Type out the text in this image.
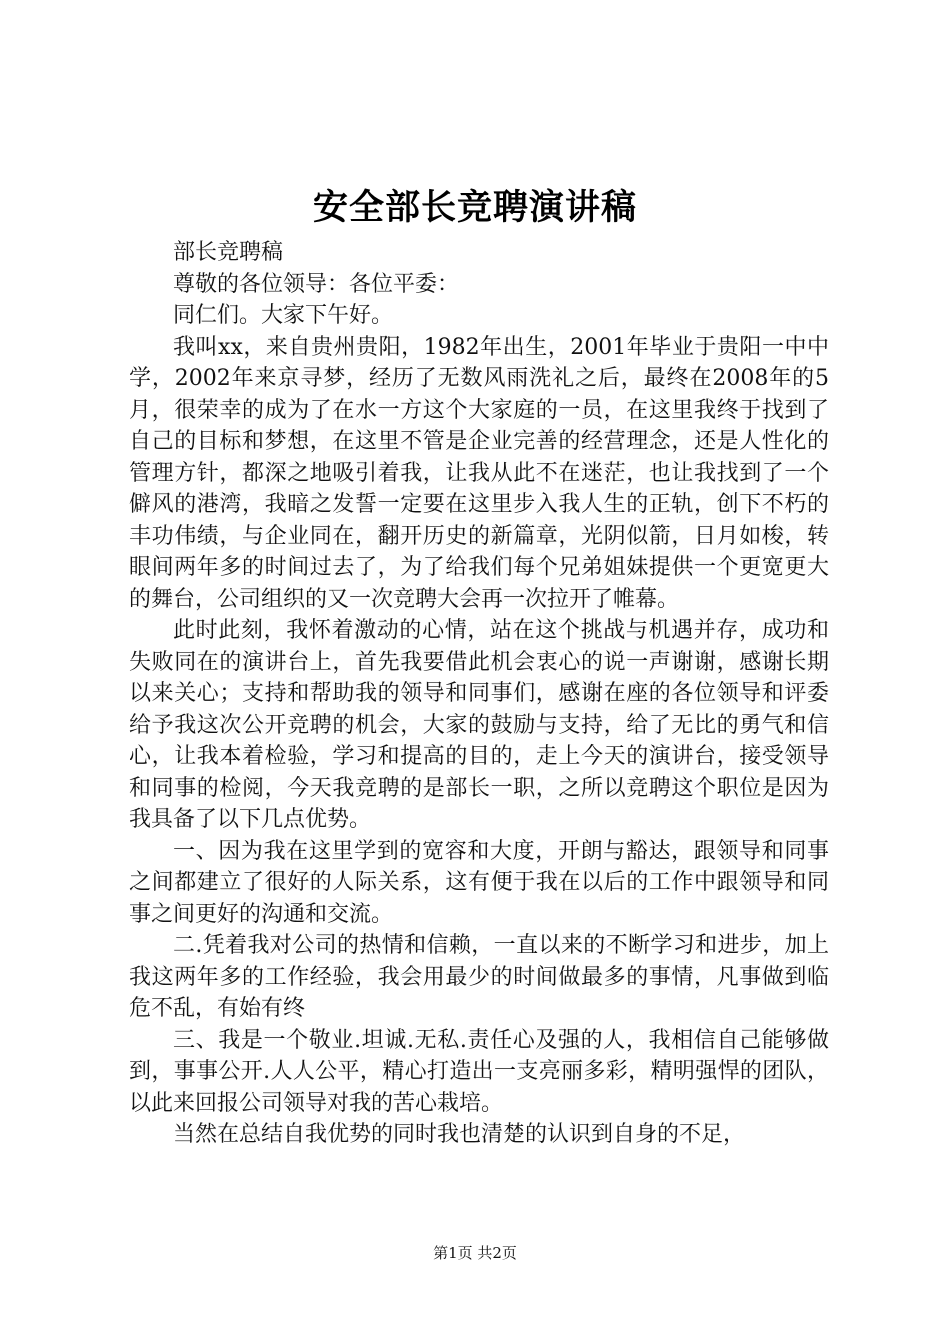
安全部长竞聘演讲稿

部长竞聘稿

尊敬的各位领导：各位平委：

同仁们。大家下午好。

我叫xx，来自贵州贵阳，1982年出生，2001年毕业于贵阳一中中学，2002年来京寻梦，经历了无数风雨洗礼之后，最终在2008年的5月，很荣幸的成为了在水一方这个大家庭的一员，在这里我终于找到了自己的目标和梦想，在这里不管是企业完善的经营理念，还是人性化的管理方针，都深之地吸引着我，让我从此不在迷茫，也让我找到了一个僻风的港湾，我暗之发誓一定要在这里步入我人生的正轨，创下不朽的丰功伟绩，与企业同在，翻开历史的新篇章，光阴似箭，日月如梭，转眼间两年多的时间过去了，为了给我们每个兄弟姐妹提供一个更宽更大的舞台，公司组织的又一次竞聘大会再一次拉开了帷幕。

此时此刻，我怀着激动的心情，站在这个挑战与机遇并存，成功和失败同在的演讲台上，首先我要借此机会衷心的说一声谢谢，感谢长期以来关心；支持和帮助我的领导和同事们，感谢在座的各位领导和评委给予我这次公开竞聘的机会，大家的鼓励与支持，给了无比的勇气和信心，让我本着检验，学习和提高的目的，走上今天的演讲台，接受领导和同事的检阅，今天我竞聘的是部长一职，之所以竞聘这个职位是因为我具备了以下几点优势。

一、因为我在这里学到的宽容和大度，开朗与豁达，跟领导和同事之间都建立了很好的人际关系，这有便于我在以后的工作中跟领导和同事之间更好的沟通和交流。

二.凭着我对公司的热情和信赖，一直以来的不断学习和进步，加上我这两年多的工作经验，我会用最少的时间做最多的事情，凡事做到临危不乱，有始有终

三、我是一个敬业.坦诚.无私.责任心及强的人，我相信自己能够做到，事事公开.人人公平，精心打造出一支亮丽多彩，精明强悍的团队，以此来回报公司领导对我的苦心栽培。

当然在总结自我优势的同时我也清楚的认识到自身的不足，

第1页 共2页
